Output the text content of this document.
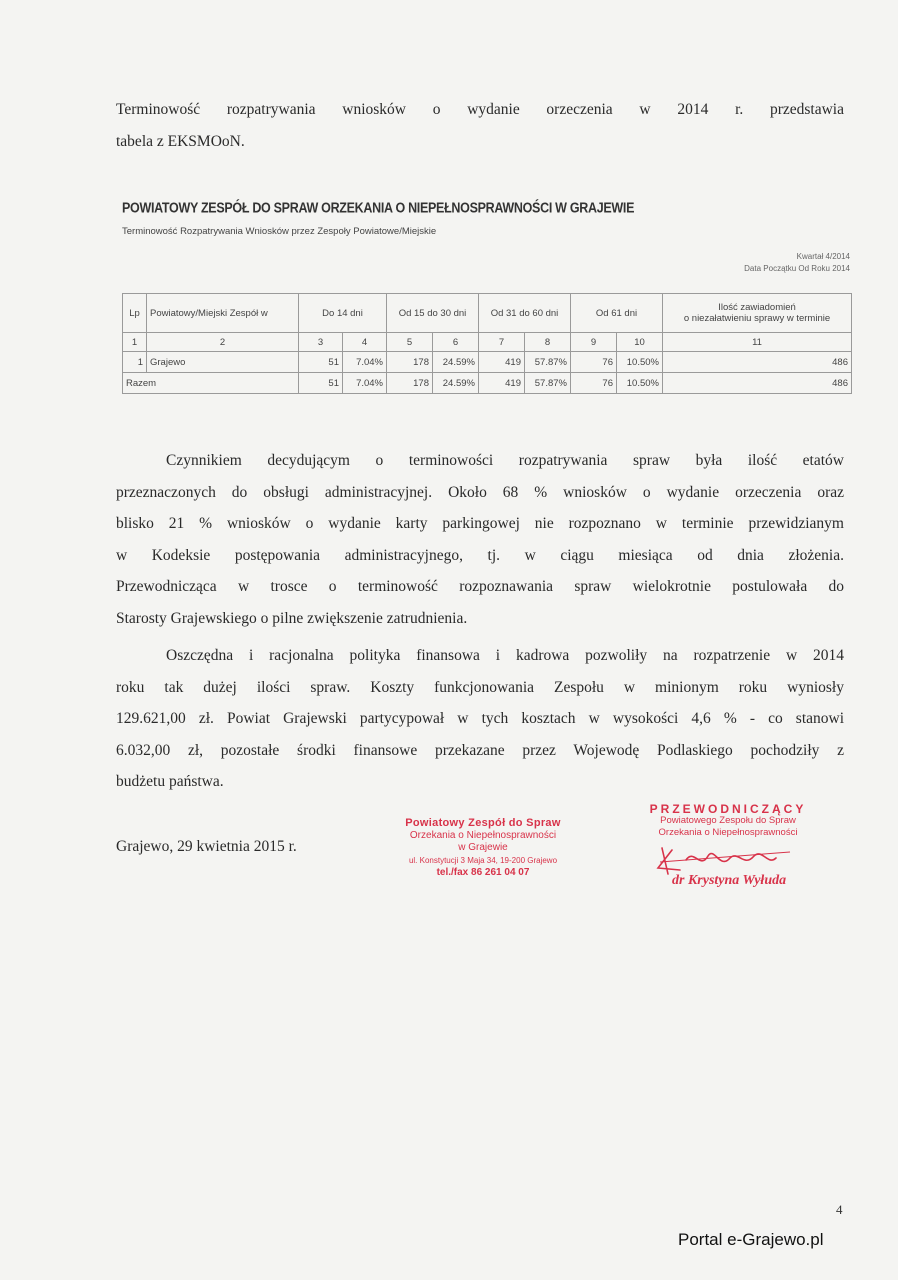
Terminowość rozpatrywania wniosków o wydanie orzeczenia w 2014 r. przedstawia
tabela z EKSMOoN.
POWIATOWY ZESPÓŁ DO SPRAW ORZEKANIA O NIEPEŁNOSPRAWNOŚCI W GRAJEWIE
Terminowość Rozpatrywania Wniosków przez Zespoły Powiatowe/Miejskie
Kwartał 4/2014
Data Początku Od Roku 2014
Lp	Powiatowy/Miejski Zespół w	Do 14 dni		Od 15 do 30 dni		Od 31 do 60 dni		Od 61 dni		Ilość zawiadomień
o niezałatwieniu sprawy w terminie

1	2	3	4	5	6	7	8	9	10	11
1	Grajewo	51	7.04%	178	24.59%	419	57.87%	76	10.50%	486
Razem		51	7.04%	178	24.59%	419	57.87%	76	10.50%	486
Czynnikiem decydującym o terminowości rozpatrywania spraw była ilość etatów
przeznaczonych do obsługi administracyjnej. Około 68 % wniosków o wydanie orzeczenia oraz
blisko 21 % wniosków o wydanie karty parkingowej nie rozpoznano w terminie przewidzianym
w Kodeksie postępowania administracyjnego, tj. w ciągu miesiąca od dnia złożenia.
Przewodnicząca w trosce o terminowość rozpoznawania spraw wielokrotnie postulowała do
Starosty Grajewskiego o pilne zwiększenie zatrudnienia.
Oszczędna i racjonalna polityka finansowa i kadrowa pozwoliły na rozpatrzenie w 2014
roku tak dużej ilości spraw. Koszty funkcjonowania Zespołu w minionym roku wyniosły
129.621,00 zł. Powiat Grajewski partycypował w tych kosztach w wysokości 4,6 % - co stanowi
6.032,00 zł, pozostałe środki finansowe przekazane przez Wojewodę Podlaskiego pochodziły z
budżetu państwa.
Grajewo, 29 kwietnia 2015 r.
Powiatowy Zespół do Spraw
Orzekania o Niepełnosprawności
w Grajewie
ul. Konstytucji 3 Maja 34, 19-200 Grajewo
tel./fax 86 261 04 07
PRZEWODNICZĄCY
Powiatowego Zespołu do Spraw
Orzekania o Niepełnosprawności
dr Krystyna Wyłuda
4
Portal e-Grajewo.pl
